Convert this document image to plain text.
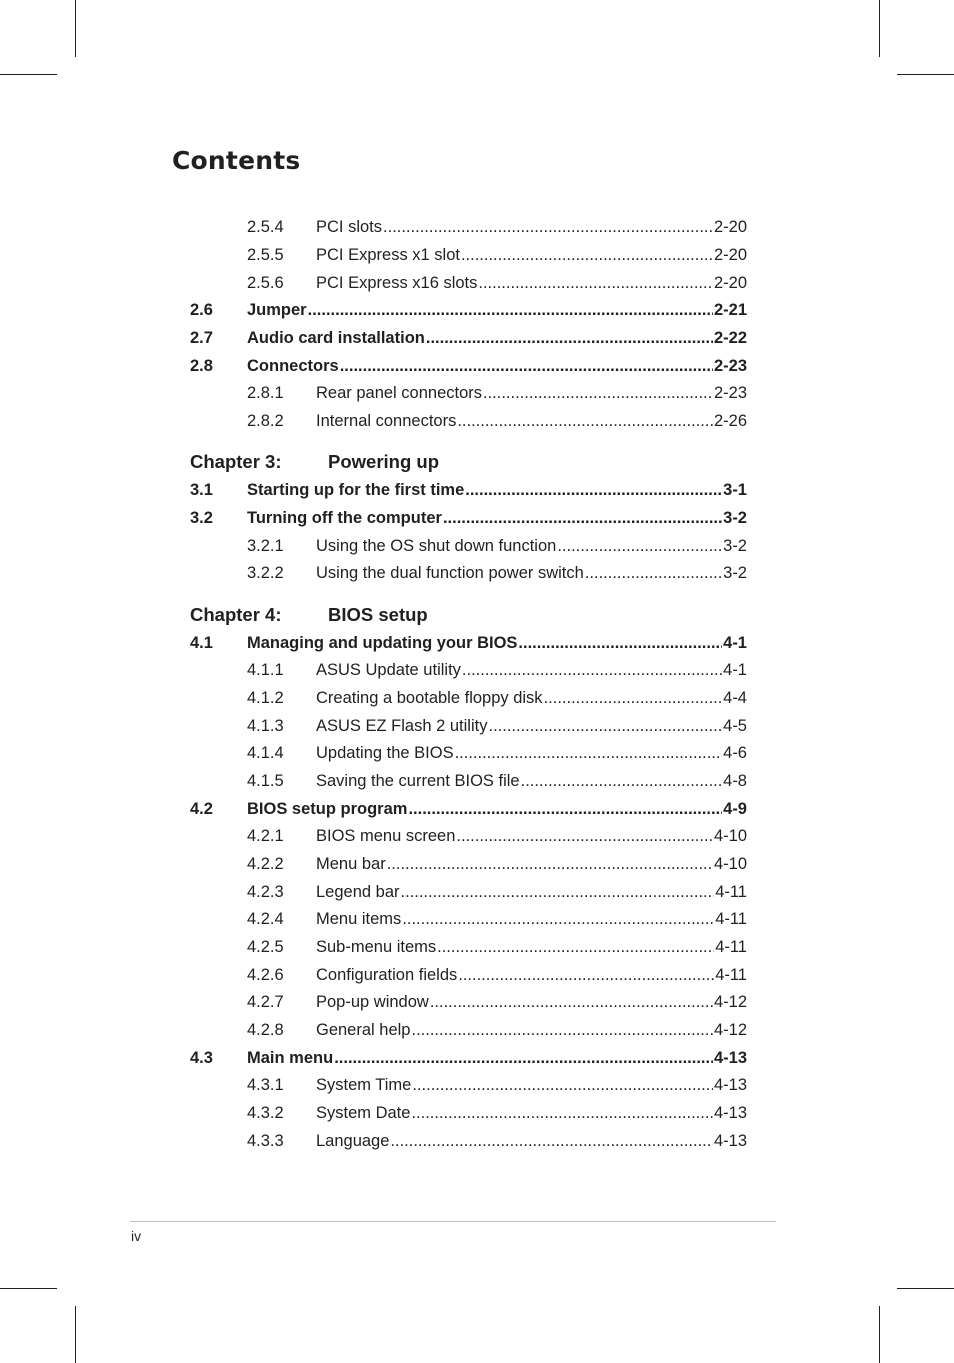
Contents
2.5.4 PCI slots .....	2-20
2.5.5 PCI Express x1 slot .....	2-20
2.5.6 PCI Express x16 slots .....	2-20
2.6 Jumper .....	2-21
2.7 Audio card installation .....	2-22
2.8 Connectors .....	2-23
2.8.1 Rear panel connectors .....	2-23
2.8.2 Internal connectors .....	2-26
Chapter 3:	Powering up
3.1 Starting up for the first time .....	3-1
3.2 Turning off the computer .....	3-2
3.2.1 Using the OS shut down function .....	3-2
3.2.2 Using the dual function power switch .....	3-2
Chapter 4:	BIOS setup
4.1 Managing and updating your BIOS .....	4-1
4.1.1 ASUS Update utility .....	4-1
4.1.2 Creating a bootable floppy disk .....	4-4
4.1.3 ASUS EZ Flash 2 utility .....	4-5
4.1.4 Updating the BIOS .....	4-6
4.1.5 Saving the current BIOS file .....	4-8
4.2 BIOS setup program .....	4-9
4.2.1 BIOS menu screen .....	4-10
4.2.2 Menu bar .....	4-10
4.2.3 Legend bar .....	4-11
4.2.4 Menu items .....	4-11
4.2.5 Sub-menu items .....	4-11
4.2.6 Configuration fields .....	4-11
4.2.7 Pop-up window .....	4-12
4.2.8 General help .....	4-12
4.3 Main menu .....	4-13
4.3.1 System Time .....	4-13
4.3.2 System Date .....	4-13
4.3.3 Language .....	4-13
iv
